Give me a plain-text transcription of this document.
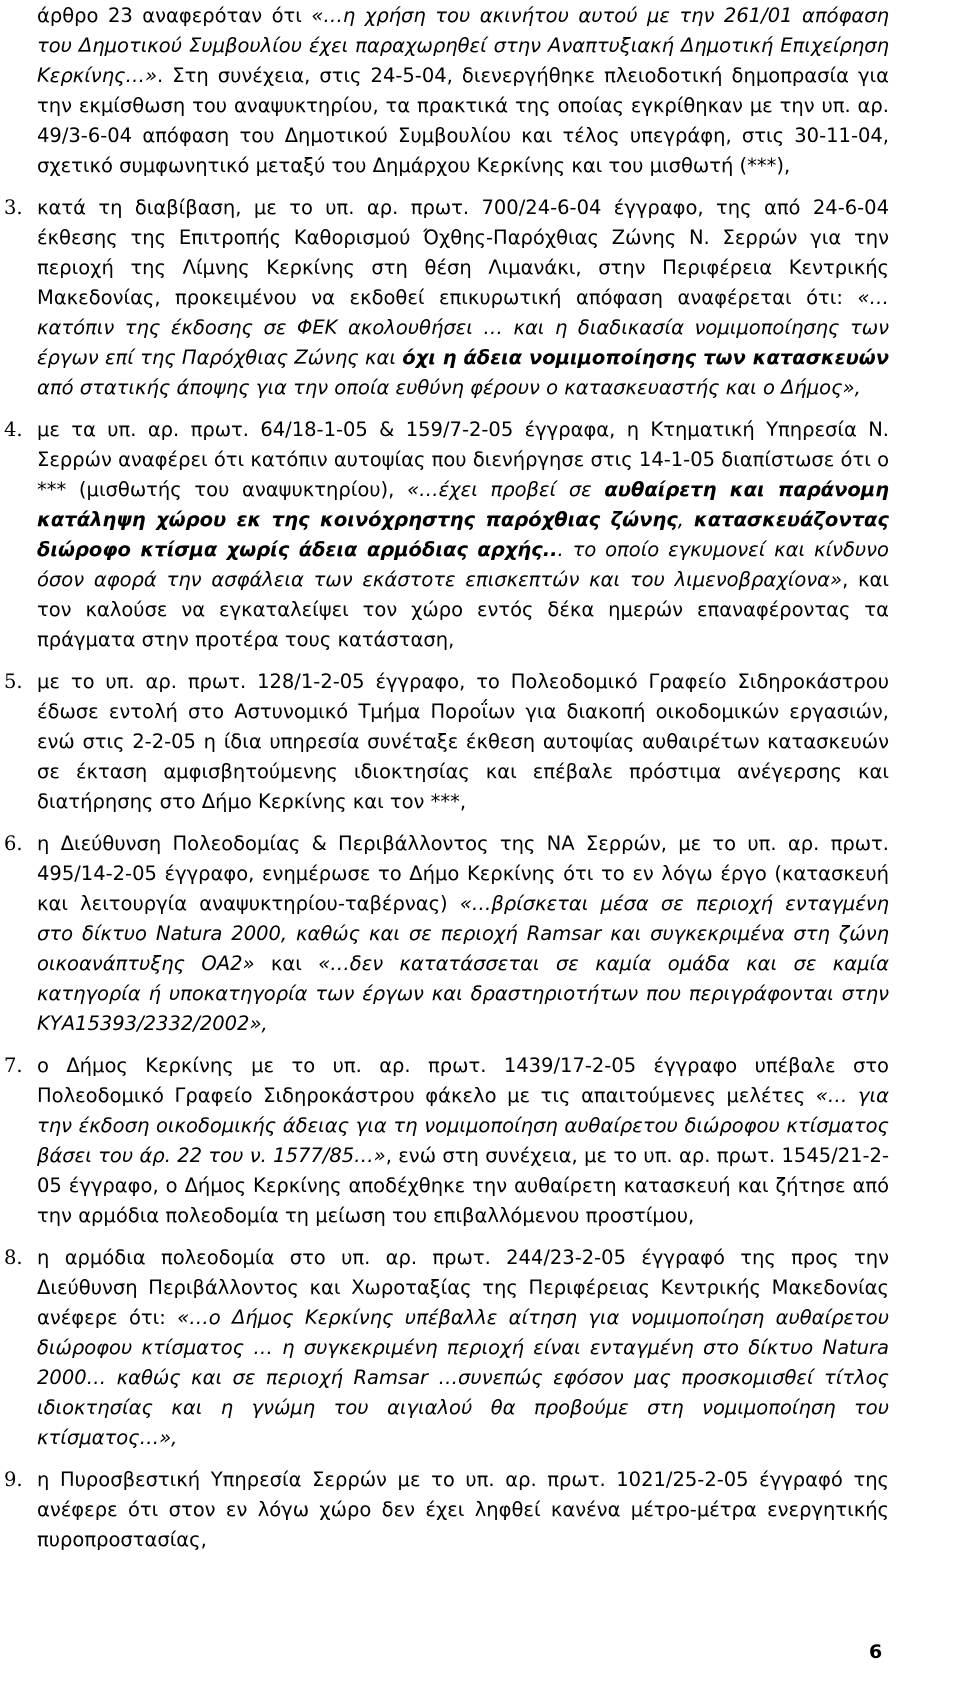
άρθρο 23 αναφερόταν ότι «…η χρήση του ακινήτου αυτού με την 261/01 απόφαση του Δημοτικού Συμβουλίου έχει παραχωρηθεί στην Αναπτυξιακή Δημοτική Επιχείρηση Κερκίνης…». Στη συνέχεια, στις 24-5-04, διενεργήθηκε πλειοδοτική δημοπρασία για την εκμίσθωση του αναψυκτηρίου, τα πρακτικά της οποίας εγκρίθηκαν με την υπ. αρ. 49/3-6-04 απόφαση του Δημοτικού Συμβουλίου και τέλος υπεγράφη, στις 30-11-04, σχετικό συμφωνητικό μεταξύ του Δημάρχου Κερκίνης και του μισθωτή (***),

3. κατά τη διαβίβαση, με το υπ. αρ. πρωτ. 700/24-6-04 έγγραφο, της από 24-6-04 έκθεσης της Επιτροπής Καθορισμού Όχθης-Παρόχθιας Ζώνης Ν. Σερρών για την περιοχή της Λίμνης Κερκίνης στη θέση Λιμανάκι, στην Περιφέρεια Κεντρικής Μακεδονίας, προκειμένου να εκδοθεί επικυρωτική απόφαση αναφέρεται ότι: «…κατόπιν της έκδοσης σε ΦΕΚ ακολουθήσει … και η διαδικασία νομιμοποίησης των έργων επί της Παρόχθιας Ζώνης και όχι η άδεια νομιμοποίησης των κατασκευών από στατικής άποψης για την οποία ευθύνη φέρουν ο κατασκευαστής και ο Δήμος»,

4. με τα υπ. αρ. πρωτ. 64/18-1-05 & 159/7-2-05 έγγραφα, η Κτηματική Υπηρεσία Ν. Σερρών αναφέρει ότι κατόπιν αυτοψίας που διενήργησε στις 14-1-05 διαπίστωσε ότι ο *** (μισθωτής του αναψυκτηρίου), «…έχει προβεί σε αυθαίρετη και παράνομη κατάληψη χώρου εκ της κοινόχρηστης παρόχθιας ζώνης, κατασκευάζοντας διώροφο κτίσμα χωρίς άδεια αρμόδιας αρχής... το οποίο εγκυμονεί και κίνδυνο όσον αφορά την ασφάλεια των εκάστοτε επισκεπτών και του λιμενοβραχίονα», και τον καλούσε να εγκαταλείψει τον χώρο εντός δέκα ημερών επαναφέροντας τα πράγματα στην προτέρα τους κατάσταση,

5. με το υπ. αρ. πρωτ. 128/1-2-05 έγγραφο, το Πολεοδομικό Γραφείο Σιδηροκάστρου έδωσε εντολή στο Αστυνομικό Τμήμα Ποροΐων για διακοπή οικοδομικών εργασιών, ενώ στις 2-2-05 η ίδια υπηρεσία συνέταξε έκθεση αυτοψίας αυθαιρέτων κατασκευών σε έκταση αμφισβητούμενης ιδιοκτησίας και επέβαλε πρόστιμα ανέγερσης και διατήρησης στο Δήμο Κερκίνης και τον ***,

6. η Διεύθυνση Πολεοδομίας & Περιβάλλοντος της ΝΑ Σερρών, με το υπ. αρ. πρωτ. 495/14-2-05 έγγραφο, ενημέρωσε το Δήμο Κερκίνης ότι το εν λόγω έργο (κατασκευή και λειτουργία αναψυκτηρίου-ταβέρνας) «…βρίσκεται μέσα σε περιοχή ενταγμένη στο δίκτυο Natura 2000, καθώς και σε περιοχή Ramsar και συγκεκριμένα στη ζώνη οικοανάπτυξης ΟΑ2» και «…δεν κατατάσσεται σε καμία ομάδα και σε καμία κατηγορία ή υποκατηγορία των έργων και δραστηριοτήτων που περιγράφονται στην ΚΥΑ15393/2332/2002»,

7. ο Δήμος Κερκίνης με το υπ. αρ. πρωτ. 1439/17-2-05 έγγραφο υπέβαλε στο Πολεοδομικό Γραφείο Σιδηροκάστρου φάκελο με τις απαιτούμενες μελέτες «… για την έκδοση οικοδομικής άδειας για τη νομιμοποίηση αυθαίρετου διώροφου κτίσματος βάσει του άρ. 22 του ν. 1577/85…», ενώ στη συνέχεια, με το υπ. αρ. πρωτ. 1545/21-2-05 έγγραφο, ο Δήμος Κερκίνης αποδέχθηκε την αυθαίρετη κατασκευή και ζήτησε από την αρμόδια πολεοδομία τη μείωση του επιβαλλόμενου προστίμου,

8. η αρμόδια πολεοδομία στο υπ. αρ. πρωτ. 244/23-2-05 έγγραφό της προς την Διεύθυνση Περιβάλλοντος και Χωροταξίας της Περιφέρειας Κεντρικής Μακεδονίας ανέφερε ότι: «…ο Δήμος Κερκίνης υπέβαλλε αίτηση για νομιμοποίηση αυθαίρετου διώροφου κτίσματος … η συγκεκριμένη περιοχή είναι ενταγμένη στο δίκτυο Natura 2000… καθώς και σε περιοχή Ramsar …συνεπώς εφόσον μας προσκομισθεί τίτλος ιδιοκτησίας και η γνώμη του αιγιαλού θα προβούμε στη νομιμοποίηση του κτίσματος…»,

9. η Πυροσβεστική Υπηρεσία Σερρών με το υπ. αρ. πρωτ. 1021/25-2-05 έγγραφό της ανέφερε ότι στον εν λόγω χώρο δεν έχει ληφθεί κανένα μέτρο-μέτρα ενεργητικής πυροπροστασίας,

6
